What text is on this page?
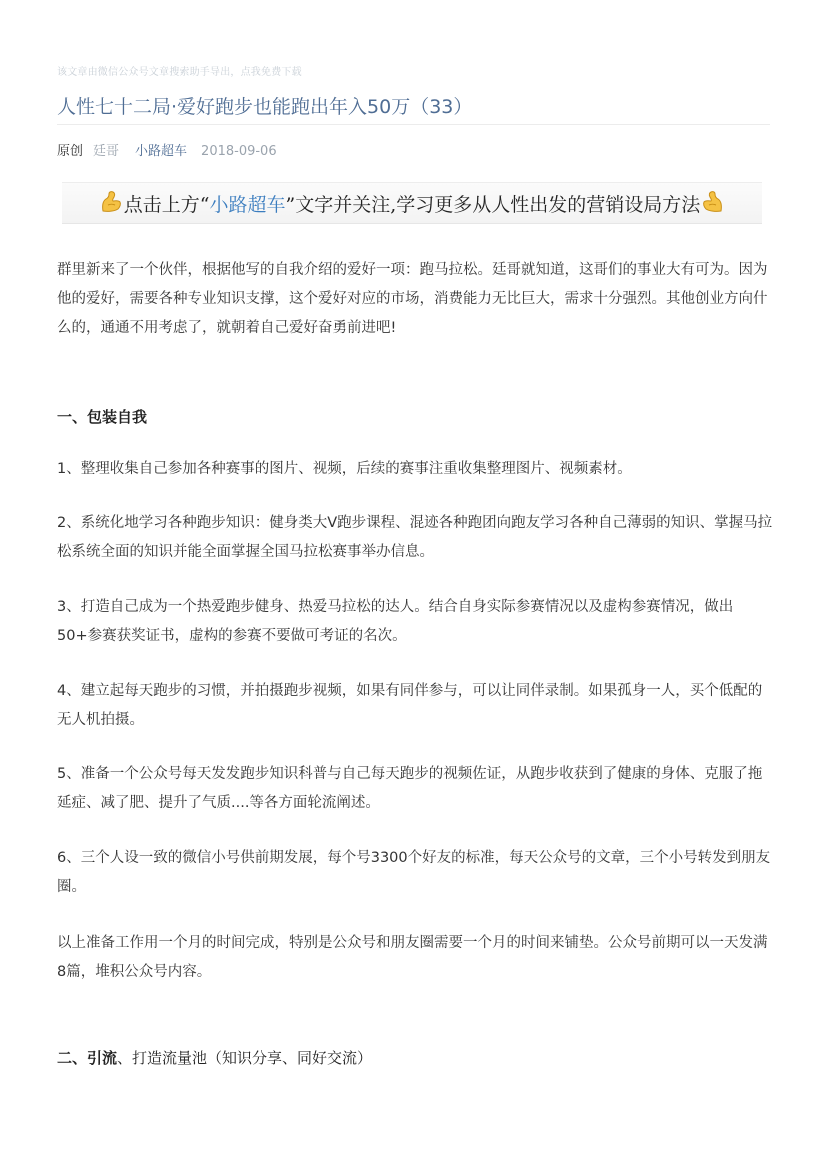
该文章由微信公众号文章搜索助手导出，点我免费下载
人性七十二局·爱好跑步也能跑出年入50万（33）
原创 廷哥 小路超车 2018-09-06
点击上方“ 小路超车 ”文字并关注,学习更多从人性出发的营销设局方法

群里新来了一个伙伴，根据他写的自我介绍的爱好一项：跑马拉松。廷哥就知道，这哥们的事业大有可为。因为他的爱好，需要各种专业知识支撑，这个爱好对应的市场，消费能力无比巨大，需求十分强烈。其他创业方向什么的，通通不用考虑了，就朝着自己爱好奋勇前进吧!

一、包装自我

1、整理收集自己参加各种赛事的图片、视频，后续的赛事注重收集整理图片、视频素材。

2、系统化地学习各种跑步知识：健身类大V跑步课程、混迹各种跑团向跑友学习各种自己薄弱的知识、掌握马拉松系统全面的知识并能全面掌握全国马拉松赛事举办信息。

3、打造自己成为一个热爱跑步健身、热爱马拉松的达人。结合自身实际参赛情况以及虚构参赛情况，做出50+参赛获奖证书，虚构的参赛不要做可考证的名次。

4、建立起每天跑步的习惯，并拍摄跑步视频，如果有同伴参与，可以让同伴录制。如果孤身一人，买个低配的无人机拍摄。

5、准备一个公众号每天发发跑步知识科普与自己每天跑步的视频佐证，从跑步收获到了健康的身体、克服了拖延症、减了肥、提升了气质....等各方面轮流阐述。

6、三个人设一致的微信小号供前期发展，每个号3300个好友的标准，每天公众号的文章，三个小号转发到朋友圈。

以上准备工作用一个月的时间完成，特别是公众号和朋友圈需要一个月的时间来铺垫。公众号前期可以一天发满8篇，堆积公众号内容。

二、引流、打造流量池（知识分享、同好交流）
